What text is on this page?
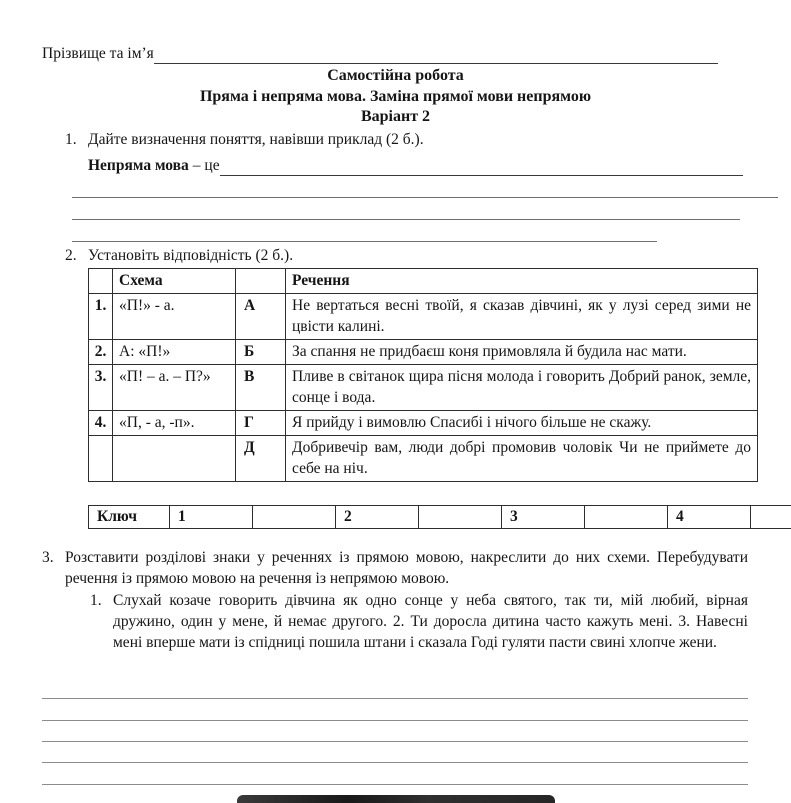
Прізвище та ім’я
Самостійна робота
Пряма і непряма мова. Заміна прямої мови непрямою
Варіант 2
1. Дайте визначення поняття, навівши приклад (2 б.).
Непряма мова – це
2. Установіть відповідність (2 б.).
	Схема		Речення
1.	«П!» - а.	А	Не вертаться весні твоїй, я сказав дівчині, як у лузі серед зими не цвісти калині.
2.	А: «П!»	Б	За спання не придбаєш коня примовляла й будила нас мати.
3.	«П! – а. – П?»	В	Пливе в світанок щира пісня молода і говорить Добрий ранок, земле, сонце і вода.
4.	«П, - а, -п».	Г	Я прийду і вимовлю Спасибі і нічого більше не скажу.
		Д	Добривечір вам, люди добрі промовив чоловік Чи не приймете до себе на ніч.
Ключ	1		2		3		4	
3. Розставити розділові знаки у реченнях із прямою мовою, накреслити до них схеми. Перебудувати речення із прямою мовою на речення із непрямою мовою.
1. Слухай козаче говорить дівчина як одно сонце у неба святого, так ти, мій любий, вірная дружино, один у мене, й немає другого. 2. Ти доросла дитина часто кажуть мені. 3. Навесні мені вперше мати із спідниці пошила штани і сказала Годі гуляти пасти свині хлопче жени.
